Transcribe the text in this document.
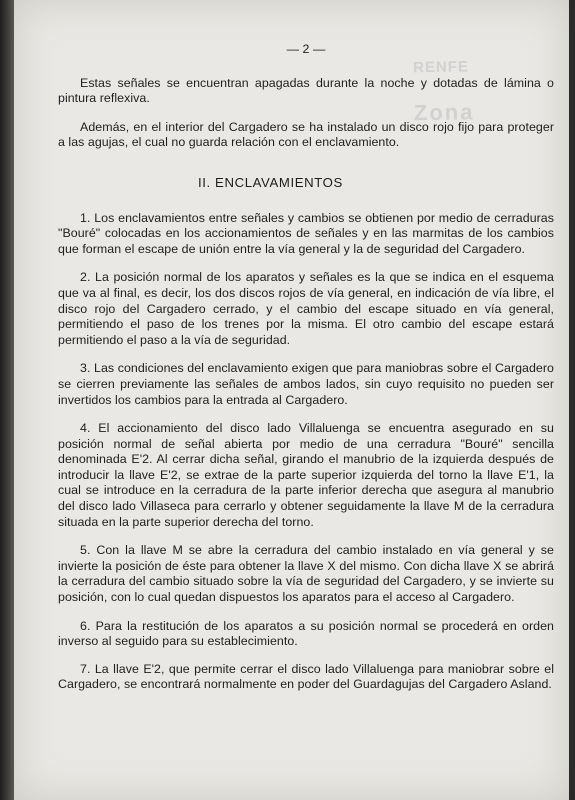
RENFE
Zona
— 2 —

Estas señales se encuentran apagadas durante la noche y dotadas de lámina o pintura reflexiva.

Además, en el interior del Cargadero se ha instalado un disco rojo fijo para proteger a las agujas, el cual no guarda relación con el enclavamiento.

II. ENCLAVAMIENTOS

1. Los enclavamientos entre señales y cambios se obtienen por medio de cerraduras "Bouré" colocadas en los accionamientos de señales y en las marmitas de los cambios que forman el escape de unión entre la vía general y la de seguridad del Cargadero.

2. La posición normal de los aparatos y señales es la que se indica en el esquema que va al final, es decir, los dos discos rojos de vía general, en indicación de vía libre, el disco rojo del Cargadero cerrado, y el cambio del escape situado en vía general, permitiendo el paso de los trenes por la misma. El otro cambio del escape estará permitiendo el paso a la vía de seguridad.

3. Las condiciones del enclavamiento exigen que para maniobras sobre el Cargadero se cierren previamente las señales de ambos lados, sin cuyo requisito no pueden ser invertidos los cambios para la entrada al Cargadero.

4. El accionamiento del disco lado Villaluenga se encuentra asegurado en su posición normal de señal abierta por medio de una cerradura "Bouré" sencilla denominada E'2. Al cerrar dicha señal, girando el manubrio de la izquierda después de introducir la llave E'2, se extrae de la parte superior izquierda del torno la llave E'1, la cual se introduce en la cerradura de la parte inferior derecha que asegura al manubrio del disco lado Villaseca para cerrarlo y obtener seguidamente la llave M de la cerradura situada en la parte superior derecha del torno.

5. Con la llave M se abre la cerradura del cambio instalado en vía general y se invierte la posición de éste para obtener la llave X del mismo. Con dicha llave X se abrirá la cerradura del cambio situado sobre la vía de seguridad del Cargadero, y se invierte su posición, con lo cual quedan dispuestos los aparatos para el acceso al Cargadero.

6. Para la restitución de los aparatos a su posición normal se procederá en orden inverso al seguido para su establecimiento.

7. La llave E'2, que permite cerrar el disco lado Villaluenga para maniobrar sobre el Cargadero, se encontrará normalmente en poder del Guardagujas del Cargadero Asland.
